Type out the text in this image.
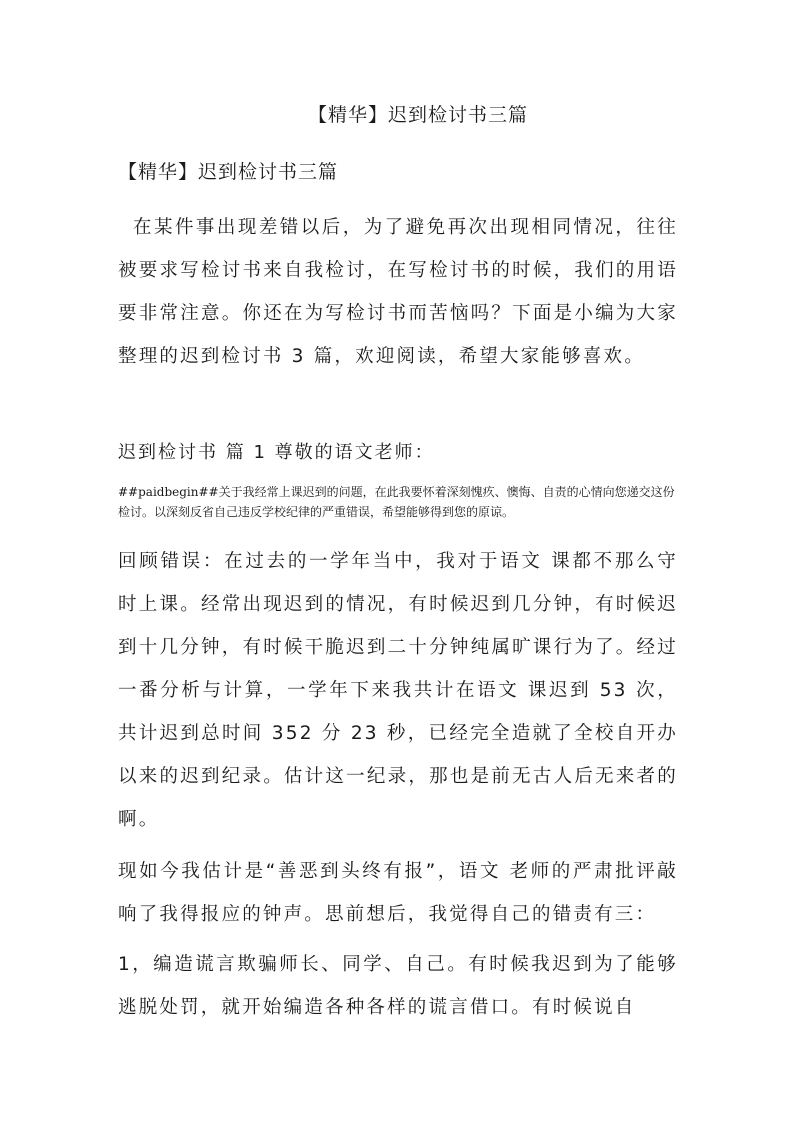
【精华】迟到检讨书三篇
【精华】迟到检讨书三篇

在某件事出现差错以后，为了避免再次出现相同情况，往往被要求写检讨书来自我检讨，在写检讨书的时候，我们的用语要非常注意。你还在为写检讨书而苦恼吗？下面是小编为大家整理的迟到检讨书 3 篇，欢迎阅读，希望大家能够喜欢。

迟到检讨书 篇 1 尊敬的语文老师：

##paidbegin##关于我经常上课迟到的问题，在此我要怀着深刻愧疚、懊悔、自责的心情向您递交这份检讨。以深刻反省自己违反学校纪律的严重错误，希望能够得到您的原谅。

回顾错误：在过去的一学年当中，我对于语文 课都不那么守时上课。经常出现迟到的情况，有时候迟到几分钟，有时候迟到十几分钟，有时候干脆迟到二十分钟纯属旷课行为了。经过一番分析与计算，一学年下来我共计在语文 课迟到 53 次，共计迟到总时间 352 分 23 秒，已经完全造就了全校自开办以来的迟到纪录。估计这一纪录，那也是前无古人后无来者的啊。

现如今我估计是“善恶到头终有报”，语文 老师的严肃批评敲响了我得报应的钟声。思前想后，我觉得自己的错责有三：

1，编造谎言欺骗师长、同学、自己。有时候我迟到为了能够逃脱处罚，就开始编造各种各样的谎言借口。有时候说自
